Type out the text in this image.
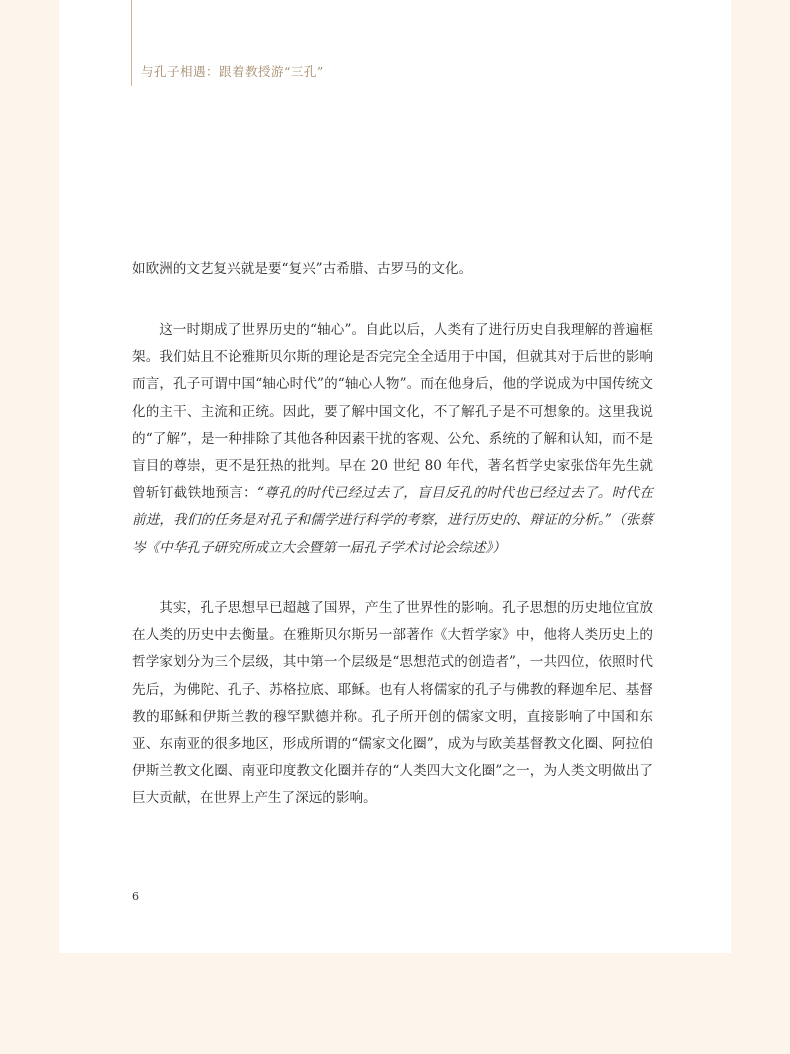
与孔子相遇：跟着教授游“三孔”

如欧洲的文艺复兴就是要“复兴”古希腊、古罗马的文化。

这一时期成了世界历史的“轴心”。自此以后，人类有了进行历史自我理解的普遍框架。我们姑且不论雅斯贝尔斯的理论是否完完全全适用于中国，但就其对于后世的影响而言，孔子可谓中国“轴心时代”的“轴心人物”。而在他身后，他的学说成为中国传统文化的主干、主流和正统。因此，要了解中国文化，不了解孔子是不可想象的。这里我说的“了解”，是一种排除了其他各种因素干扰的客观、公允、系统的了解和认知，而不是盲目的尊崇，更不是狂热的批判。早在 20 世纪 80 年代，著名哲学史家张岱年先生就曾斩钉截铁地预言：“尊孔的时代已经过去了，盲目反孔的时代也已经过去了。时代在前进，我们的任务是对孔子和儒学进行科学的考察，进行历史的、辩证的分析。”（张蔡岑《中华孔子研究所成立大会暨第一届孔子学术讨论会综述》）

其实，孔子思想早已超越了国界，产生了世界性的影响。孔子思想的历史地位宜放在人类的历史中去衡量。在雅斯贝尔斯另一部著作《大哲学家》中，他将人类历史上的哲学家划分为三个层级，其中第一个层级是“思想范式的创造者”，一共四位，依照时代先后，为佛陀、孔子、苏格拉底、耶稣。也有人将儒家的孔子与佛教的释迦牟尼、基督教的耶稣和伊斯兰教的穆罕默德并称。孔子所开创的儒家文明，直接影响了中国和东亚、东南亚的很多地区，形成所谓的“儒家文化圈”，成为与欧美基督教文化圈、阿拉伯伊斯兰教文化圈、南亚印度教文化圈并存的“人类四大文化圈”之一，为人类文明做出了巨大贡献，在世界上产生了深远的影响。

6
